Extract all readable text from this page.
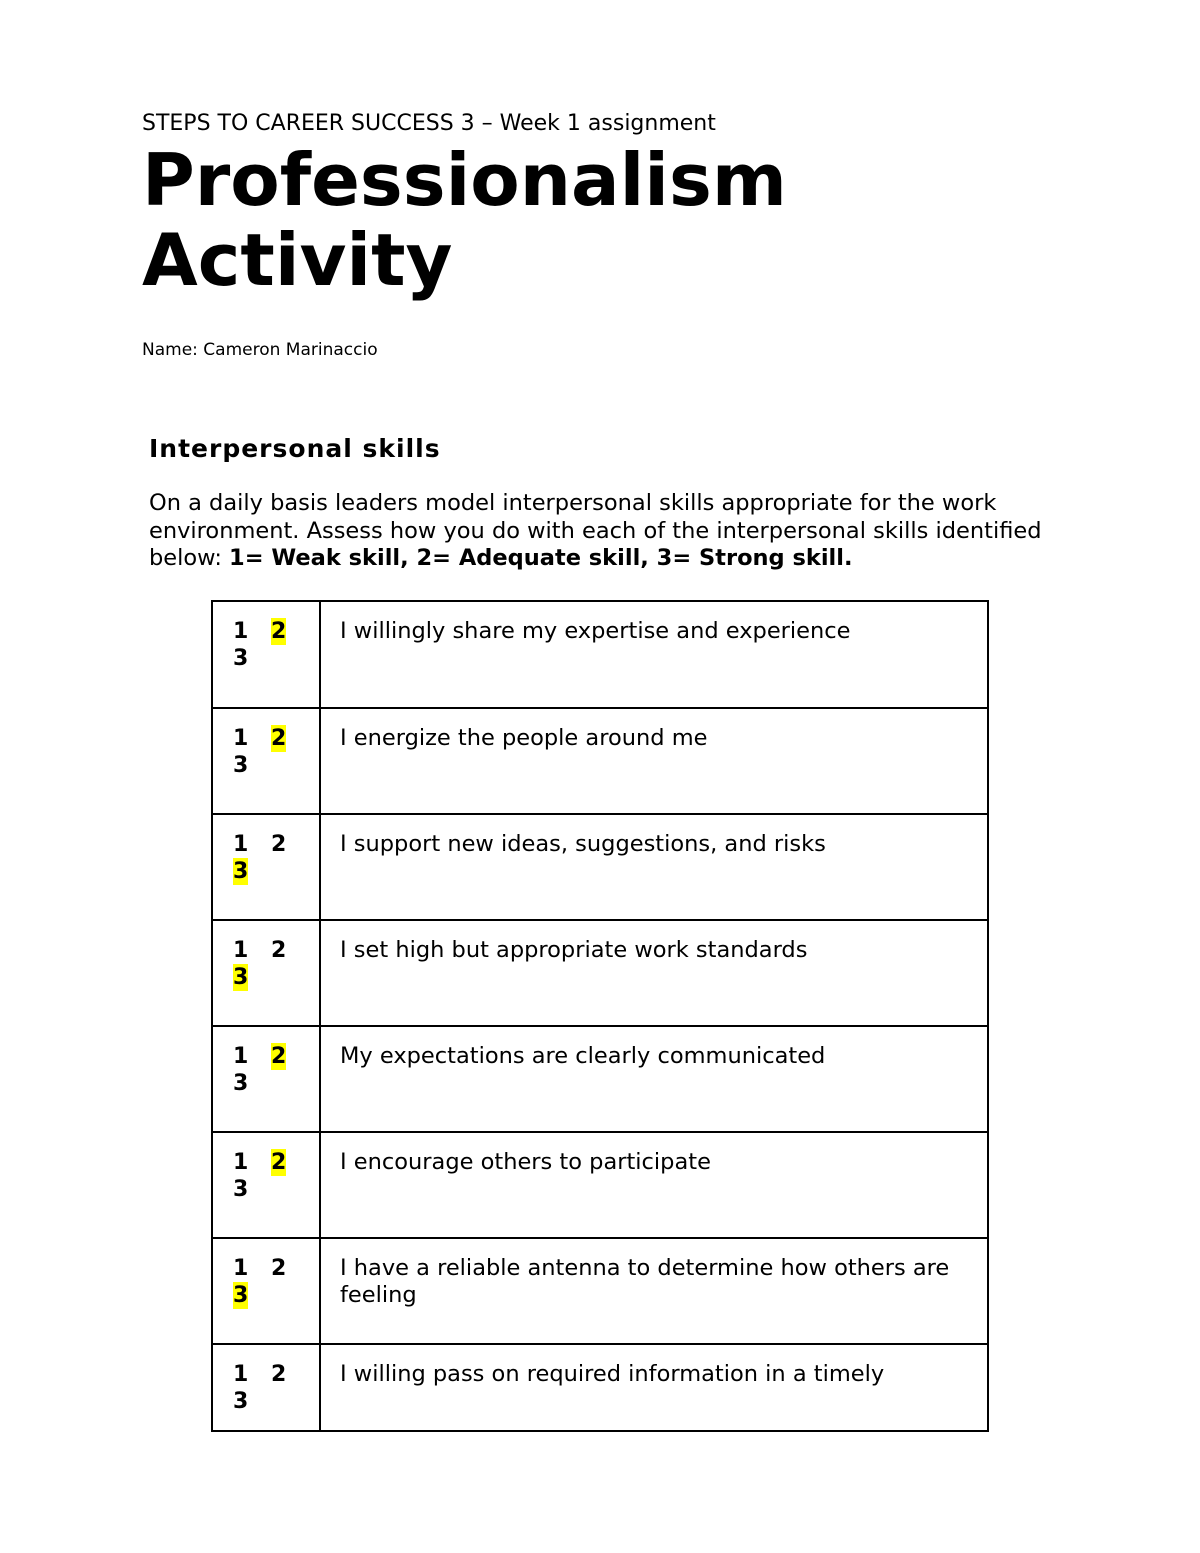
STEPS TO CAREER SUCCESS 3 – Week 1 assignment
Professionalism
Activity
Name: Cameron Marinaccio
Interpersonal skills
On a daily basis leaders model interpersonal skills appropriate for the work environment. Assess how you do with each of the interpersonal skills identified below: 1= Weak skill, 2= Adequate skill, 3= Strong skill.
1 2
3	I willingly share my expertise and experience

1 2
3	I energize the people around me

1 2
3	I support new ideas, suggestions, and risks

1 2
3	I set high but appropriate work standards

1 2
3	My expectations are clearly communicated

1 2
3	I encourage others to participate

1 2
3	I have a reliable antenna to determine how others are feeling

1 2
3	I willing pass on required information in a timely
